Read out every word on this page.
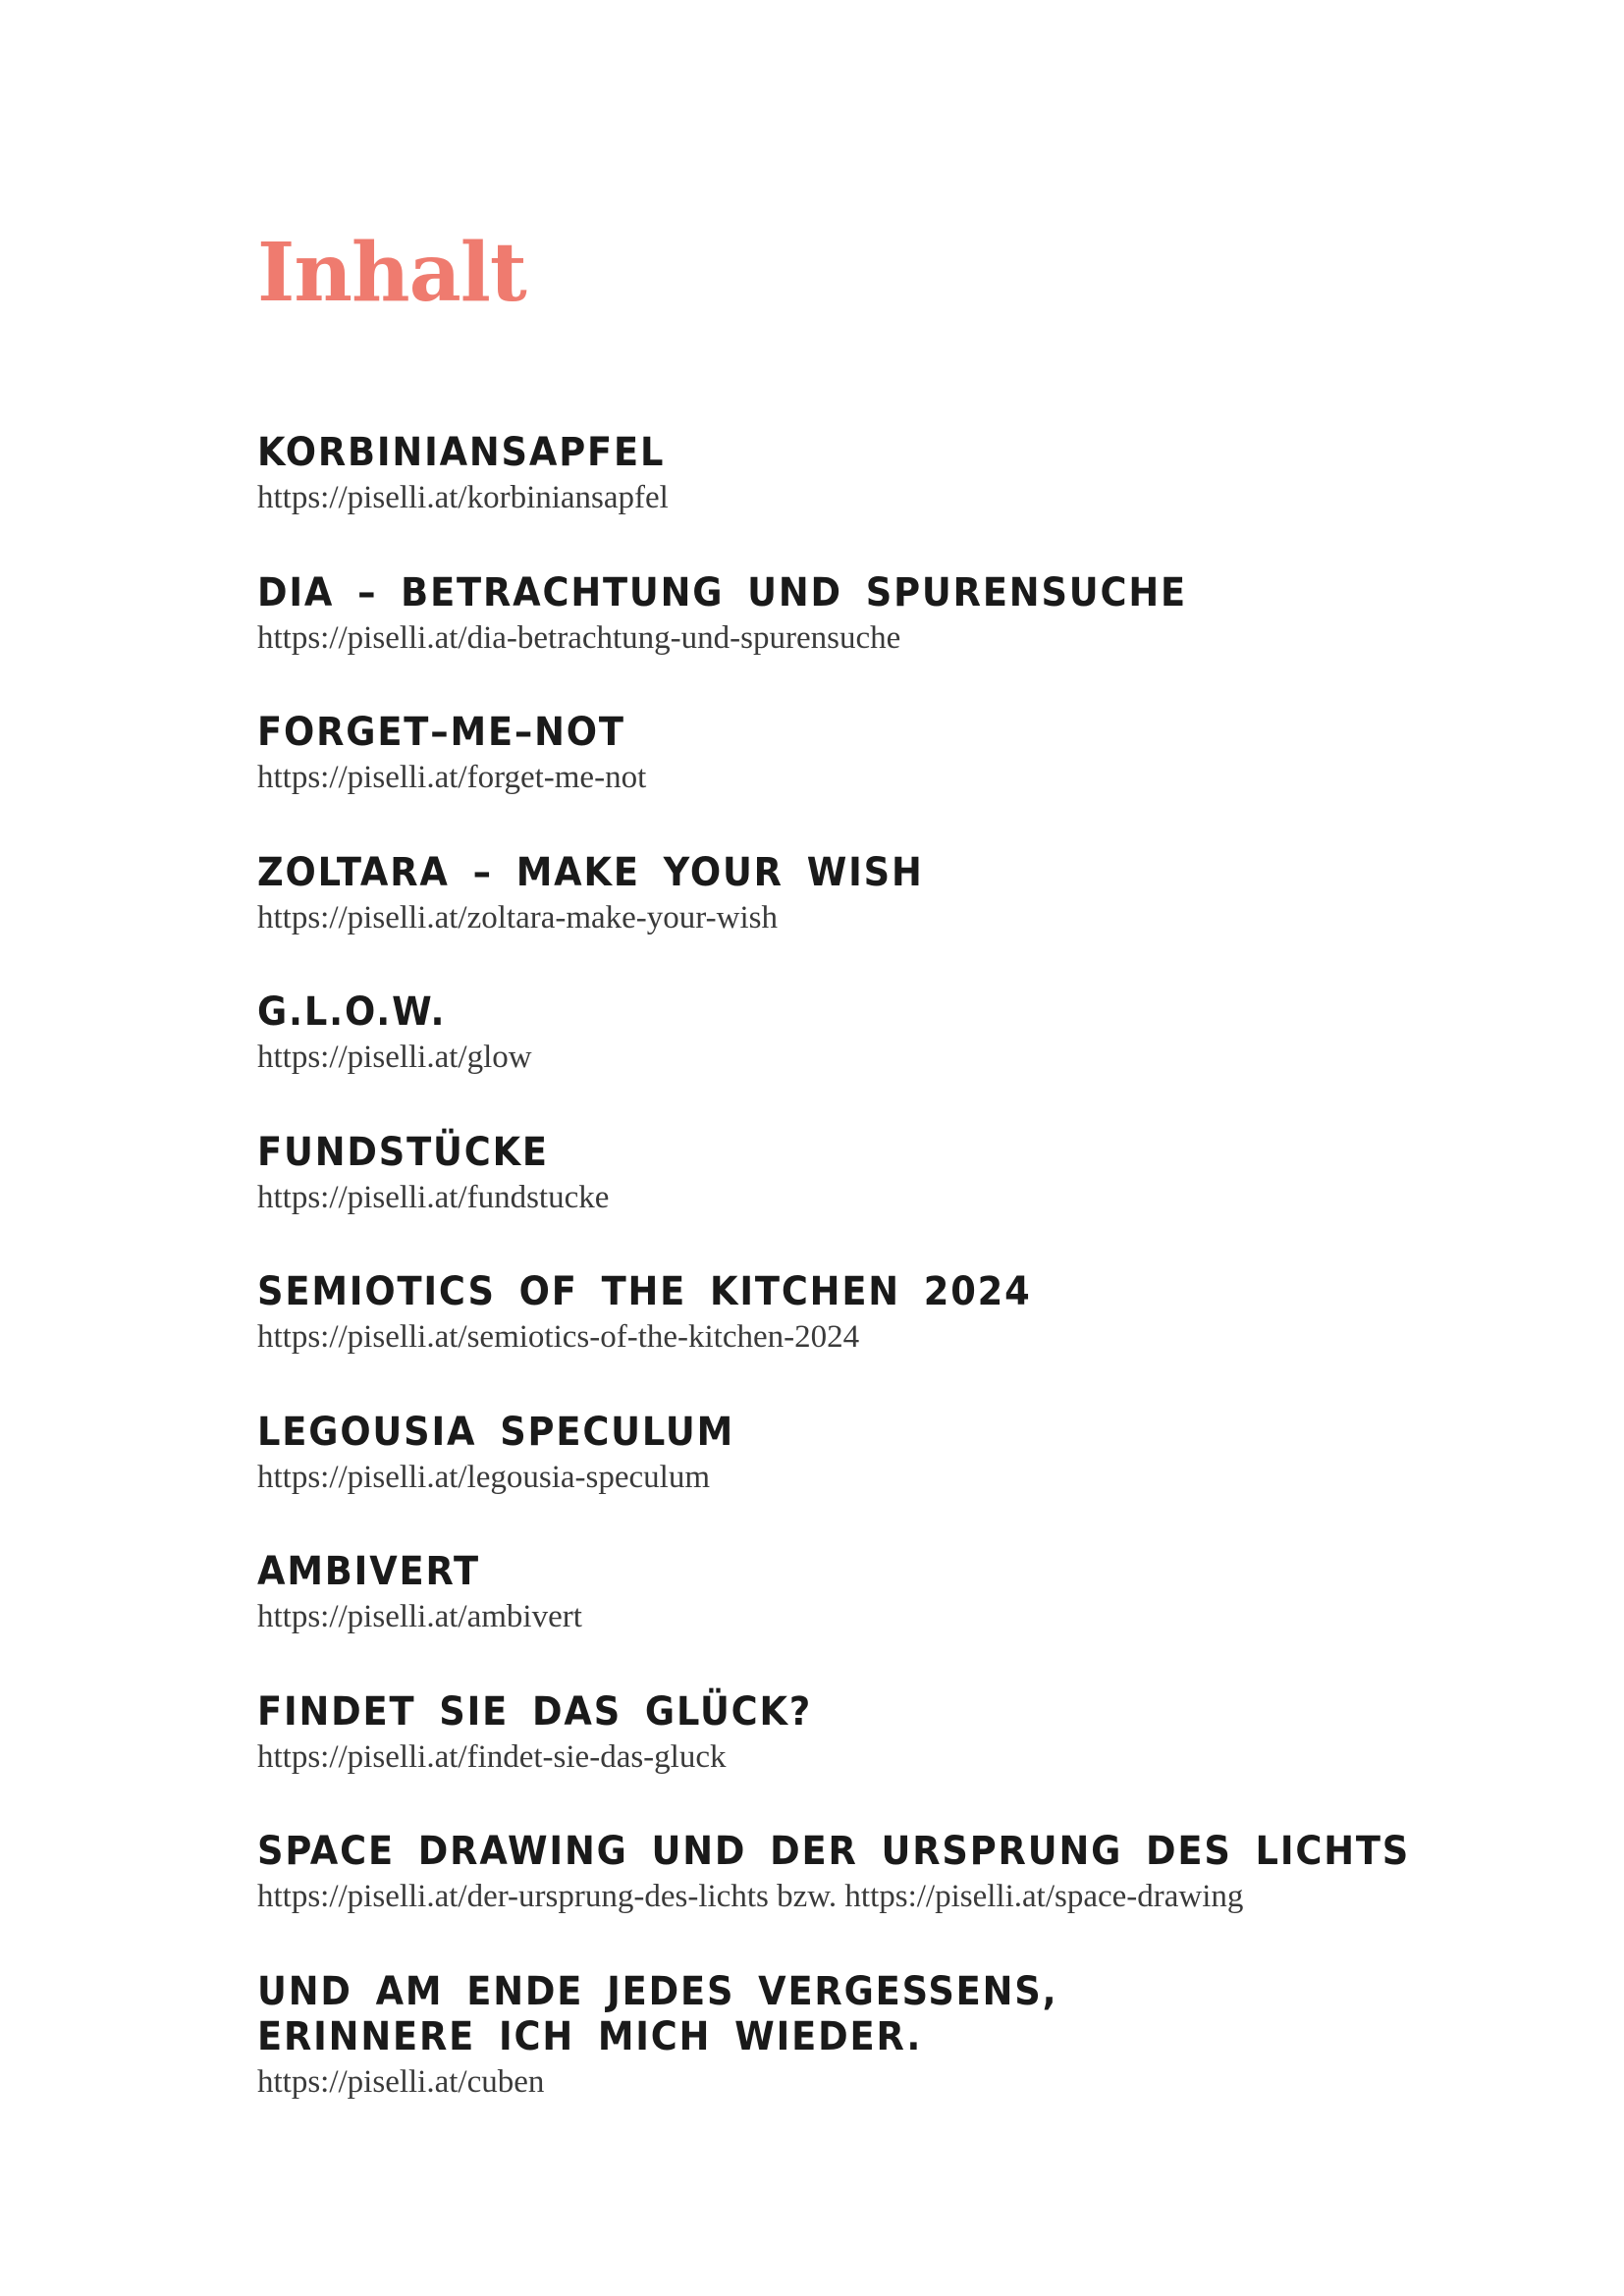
Inhalt
KORBINIANSAPFEL

https://piselli.at/korbiniansapfel

DIA – BETRACHTUNG UND SPURENSUCHE

https://piselli.at/dia-betrachtung-und-spurensuche

FORGET–ME–NOT

https://piselli.at/forget-me-not

ZOLTARA – MAKE YOUR WISH

https://piselli.at/zoltara-make-your-wish

G.L.O.W.

https://piselli.at/glow

FUNDSTÜCKE

https://piselli.at/fundstucke

SEMIOTICS OF THE KITCHEN 2024

https://piselli.at/semiotics-of-the-kitchen-2024

LEGOUSIA SPECULUM

https://piselli.at/legousia-speculum

AMBIVERT

https://piselli.at/ambivert

FINDET SIE DAS GLÜCK?

https://piselli.at/findet-sie-das-gluck

SPACE DRAWING UND DER URSPRUNG DES LICHTS

https://piselli.at/der-ursprung-des-lichts bzw. https://piselli.at/space-drawing

UND AM ENDE JEDES VERGESSENS, ERINNERE ICH MICH WIEDER.

https://piselli.at/cuben
